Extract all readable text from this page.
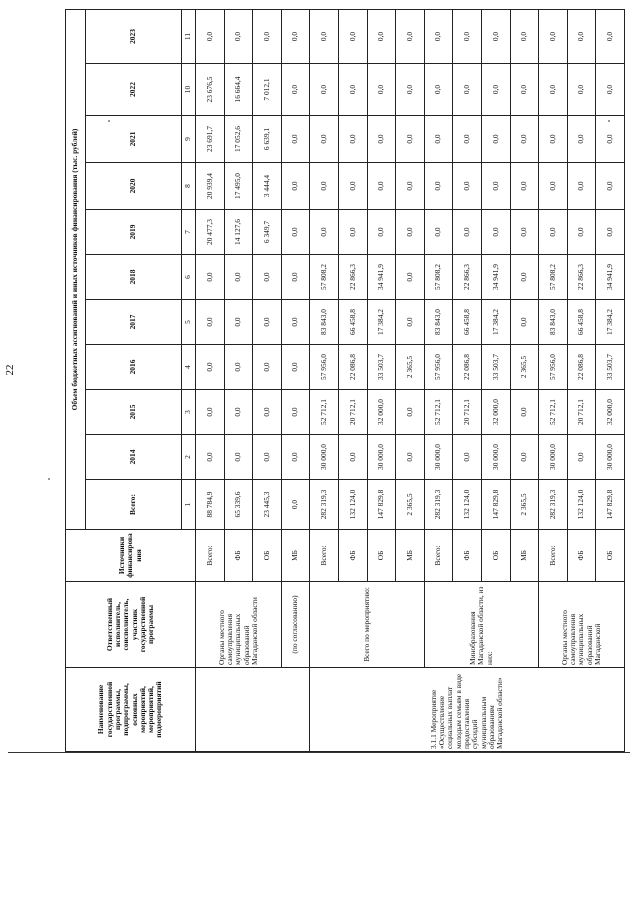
22
Наименование государственной программы, подпрограммы, основных мероприятий, мероприятий, подмероприятий	Ответственный исполнитель, соисполнитель, участник государственной программы	Источники финансирова ния	Объем бюджетных ассигнований и иных источников финансирования (тыс. рублей)											
			Всего:	2014	2015	2016	2017	2018	2019	2020	2021	2022	2023	
			1	2	3	4	5	6	7	8	9	10	11			

	Органы местного самоуправления муниципальных образований Магаданской области	Всего:	88 784,9	0,0	0,0	0,0	0,0	0,0	20 477,3	20 939,4	23 691,7	23 676,5	0,0	
		ФБ	65 339,6	0,0	0,0	0,0	0,0	0,0	14 127,6	17 495,0	17 052,6	16 664,4	0,0	
		ОБ	23 445,3	0,0	0,0	0,0	0,0	0,0	6 349,7	3 444,4	6 639,1	7 012,1	0,0	
	(по согласованию)	МБ	0,0	0,0	0,0	0,0	0,0	0,0	0,0	0,0	0,0	0,0	0,0	
3.1.1 Мероприятие «Осуществление социальных выплат молодым семьям в виде предоставления субсидий муниципальным образованиям Магаданской области»	Всего по мероприятию:	Всего:	282 319,3	30 000,0	52 712,1	57 956,0	83 843,0	57 808,2	0,0	0,0	0,0	0,0	0,0	
		ФБ	132 124,0	0,0	20 712,1	22 086,8	66 458,8	22 866,3	0,0	0,0	0,0	0,0	0,0	
		ОБ	147 829,8	30 000,0	32 000,0	33 503,7	17 384,2	34 941,9	0,0	0,0	0,0	0,0	0,0	
		МБ	2 365,5	0,0	0,0	2 365,5	0,0	0,0	0,0	0,0	0,0	0,0	0,0	
	Минобразования Магаданской области, из них:	Всего:	282 319,3	30 000,0	52 712,1	57 956,0	83 843,0	57 808,2	0,0	0,0	0,0	0,0	0,0	
		ФБ	132 124,0	0,0	20 712,1	22 086,8	66 458,8	22 866,3	0,0	0,0	0,0	0,0	0,0	
		ОБ	147 829,8	30 000,0	32 000,0	33 503,7	17 384,2	34 941,9	0,0	0,0	0,0	0,0	0,0	
		МБ	2 365,5	0,0	0,0	2 365,5	0,0	0,0	0,0	0,0	0,0	0,0	0,0	
	Органы местного самоуправления муниципальных образований Магаданской	Всего:	282 319,3	30 000,0	52 712,1	57 956,0	83 843,0	57 808,2	0,0	0,0	0,0	0,0	0,0	
		ФБ	132 124,0	0,0	20 712,1	22 086,8	66 458,8	22 866,3	0,0	0,0	0,0	0,0	0,0	
		ОБ	147 829,8	30 000,0	32 000,0	33 503,7	17 384,2	34 941,9	0,0	0,0	0,0	0,0	0,0	
